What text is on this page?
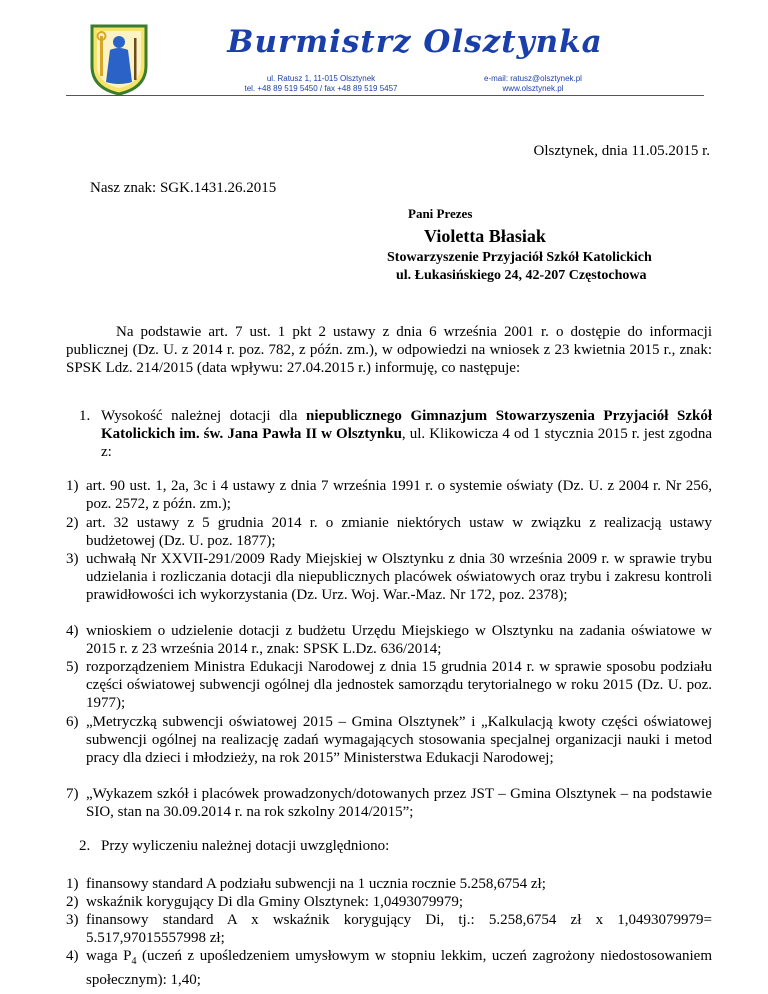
Burmistrz Olsztynka
ul. Ratusz 1, 11-015 Olsztynek
tel. +48 89 519 5450 / fax +48 89 519 5457
e-mail: ratusz@olsztynek.pl
www.olsztynek.pl
Olsztynek, dnia 11.05.2015 r.
Nasz znak: SGK.1431.26.2015
Pani Prezes
Violetta Błasiak
Stowarzyszenie Przyjaciół Szkół Katolickich
ul. Łukasińskiego 24, 42-207 Częstochowa
Na podstawie art. 7 ust. 1 pkt 2 ustawy z dnia 6 września 2001 r. o dostępie do informacji publicznej (Dz. U. z 2014 r. poz. 782, z późn. zm.), w odpowiedzi na wniosek z 23 kwietnia 2015 r., znak: SPSK Ldz. 214/2015 (data wpływu: 27.04.2015 r.) informuję, co następuje:
1. Wysokość należnej dotacji dla niepublicznego Gimnazjum Stowarzyszenia Przyjaciół Szkół Katolickich im. św. Jana Pawła II w Olsztynku, ul. Klikowicza 4 od 1 stycznia 2015 r. jest zgodna z:
1) art. 90 ust. 1, 2a, 3c i 4 ustawy z dnia 7 września 1991 r. o systemie oświaty (Dz. U. z 2004 r. Nr 256, poz. 2572, z późn. zm.);
2) art. 32 ustawy z 5 grudnia 2014 r. o zmianie niektórych ustaw w związku z realizacją ustawy budżetowej (Dz. U. poz. 1877);
3) uchwałą Nr XXVII-291/2009 Rady Miejskiej w Olsztynku z dnia 30 września 2009 r. w sprawie trybu udzielania i rozliczania dotacji dla niepublicznych placówek oświatowych oraz trybu i zakresu kontroli prawidłowości ich wykorzystania (Dz. Urz. Woj. War.-Maz. Nr 172, poz. 2378);
4) wnioskiem o udzielenie dotacji z budżetu Urzędu Miejskiego w Olsztynku na zadania oświatowe w 2015 r. z 23 września 2014 r., znak: SPSK L.Dz. 636/2014;
5) rozporządzeniem Ministra Edukacji Narodowej z dnia 15 grudnia 2014 r. w sprawie sposobu podziału części oświatowej subwencji ogólnej dla jednostek samorządu terytorialnego w roku 2015 (Dz. U. poz. 1977);
6) „Metryczką subwencji oświatowej 2015 – Gmina Olsztynek” i „Kalkulacją kwoty części oświatowej subwencji ogólnej na realizację zadań wymagających stosowania specjalnej organizacji nauki i metod pracy dla dzieci i młodzieży, na rok 2015” Ministerstwa Edukacji Narodowej;
7) „Wykazem szkół i placówek prowadzonych/dotowanych przez JST – Gmina Olsztynek – na podstawie SIO, stan na 30.09.2014 r. na rok szkolny 2014/2015”;
2. Przy wyliczeniu należnej dotacji uwzględniono:
1) finansowy standard A podziału subwencji na 1 ucznia rocznie 5.258,6754 zł;
2) wskaźnik korygujący Di dla Gminy Olsztynek: 1,0493079979;
3) finansowy standard A x wskaźnik korygujący Di, tj.: 5.258,6754 zł x 1,0493079979= 5.517,97015557998 zł;
4) waga $P_4$ (uczeń z upośledzeniem umysłowym w stopniu lekkim, uczeń zagrożony niedostosowaniem społecznym): 1,40;
